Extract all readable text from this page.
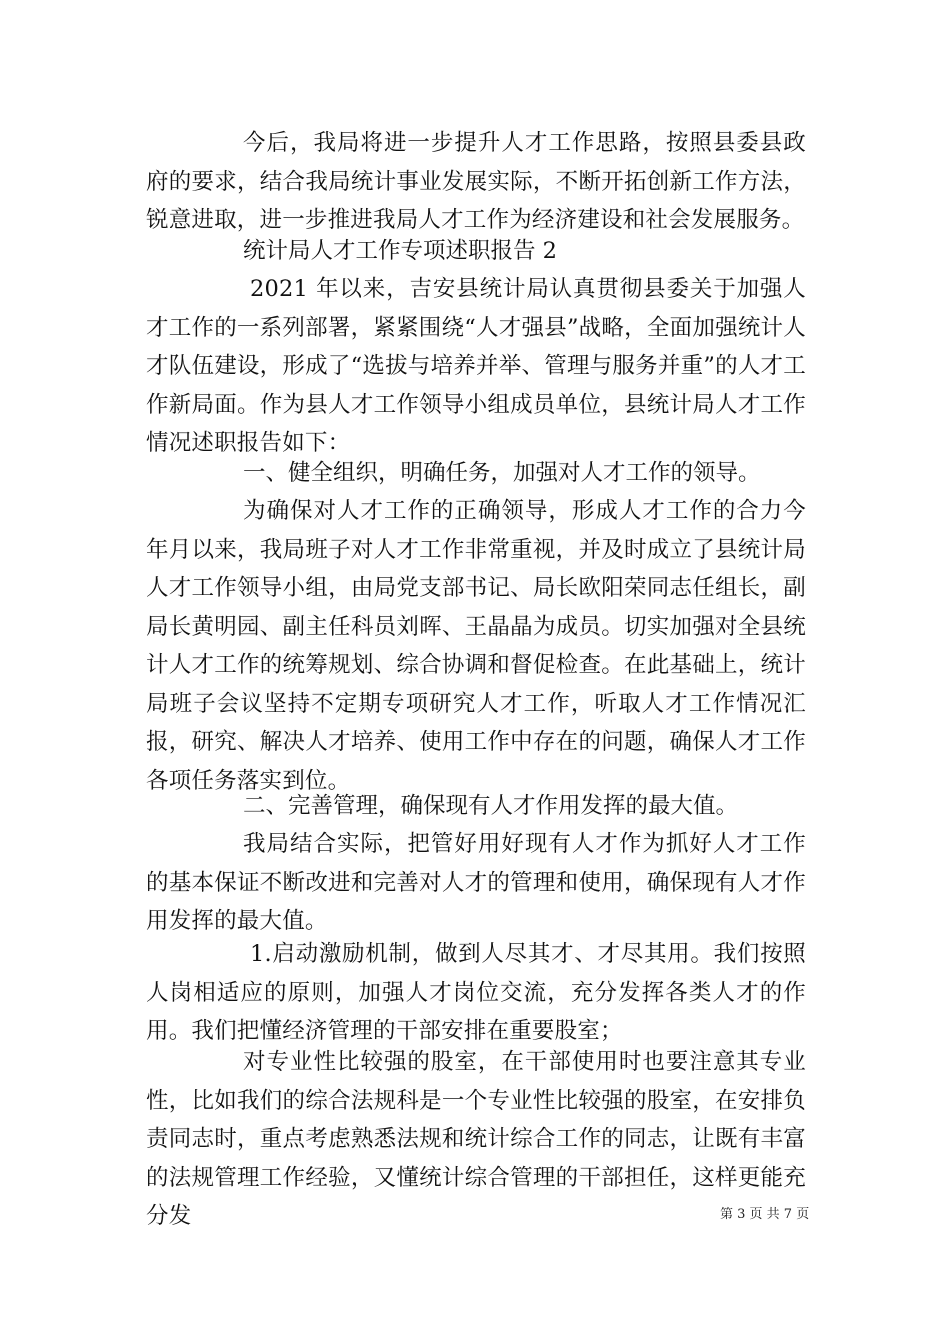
今后，我局将进一步提升人才工作思路，按照县委县政府的要求，结合我局统计事业发展实际，不断开拓创新工作方法，锐意进取，进一步推进我局人才工作为经济建设和社会发展服务。

统计局人才工作专项述职报告 2

2021 年以来，吉安县统计局认真贯彻县委关于加强人才工作的一系列部署，紧紧围绕“人才强县”战略，全面加强统计人才队伍建设，形成了“选拔与培养并举、管理与服务并重”的人才工作新局面。作为县人才工作领导小组成员单位，县统计局人才工作情况述职报告如下：

一、健全组织，明确任务，加强对人才工作的领导。

为确保对人才工作的正确领导，形成人才工作的合力今年月以来，我局班子对人才工作非常重视，并及时成立了县统计局人才工作领导小组，由局党支部书记、局长欧阳荣同志任组长，副局长黄明园、副主任科员刘晖、王晶晶为成员。切实加强对全县统计人才工作的统筹规划、综合协调和督促检查。在此基础上，统计局班子会议坚持不定期专项研究人才工作，听取人才工作情况汇报，研究、解决人才培养、使用工作中存在的问题，确保人才工作各项任务落实到位。

二、完善管理，确保现有人才作用发挥的最大值。

我局结合实际，把管好用好现有人才作为抓好人才工作的基本保证不断改进和完善对人才的管理和使用，确保现有人才作用发挥的最大值。

1.启动激励机制，做到人尽其才、才尽其用。我们按照人岗相适应的原则，加强人才岗位交流，充分发挥各类人才的作用。我们把懂经济管理的干部安排在重要股室；

对专业性比较强的股室，在干部使用时也要注意其专业性，比如我们的综合法规科是一个专业性比较强的股室，在安排负责同志时，重点考虑熟悉法规和统计综合工作的同志，让既有丰富的法规管理工作经验，又懂统计综合管理的干部担任，这样更能充分发	第 3 页 共 7 页
